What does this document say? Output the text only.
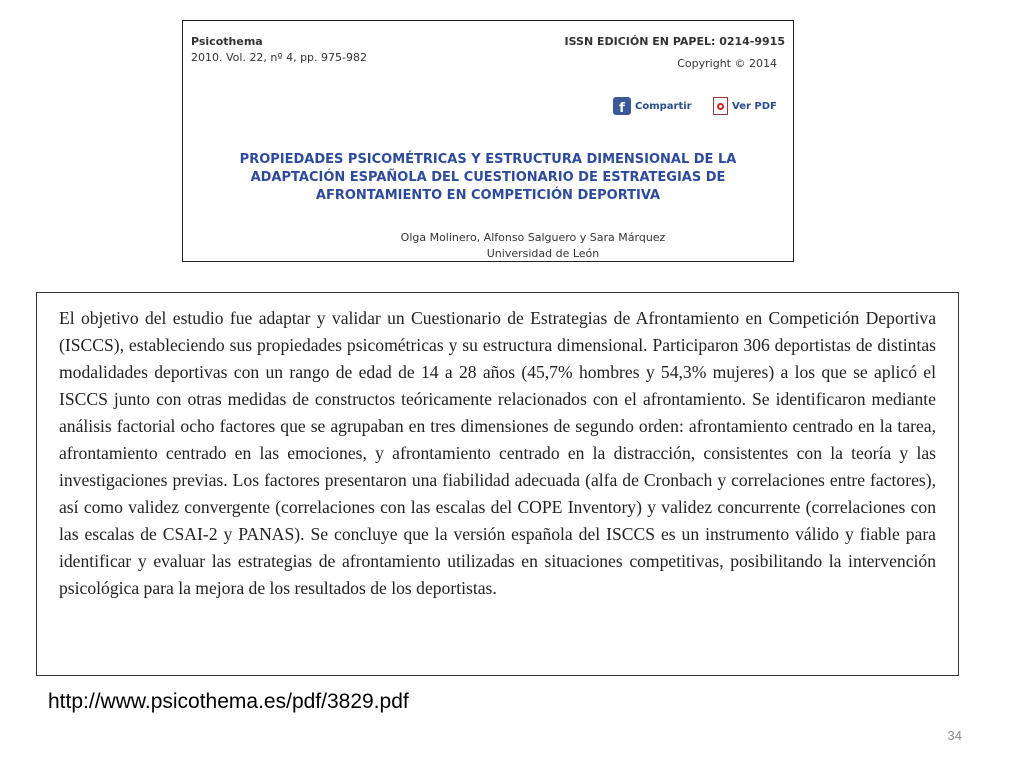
Psicothema
2010. Vol. 22, nº 4, pp. 975-982
ISSN EDICIÓN EN PAPEL: 0214-9915
Copyright © 2014
f	Compartir	Ver PDF
PROPIEDADES PSICOMÉTRICAS Y ESTRUCTURA DIMENSIONAL DE LA ADAPTACIÓN ESPAÑOLA DEL CUESTIONARIO DE ESTRATEGIAS DE AFRONTAMIENTO EN COMPETICIÓN DEPORTIVA
Olga Molinero, Alfonso Salguero y Sara Márquez
Universidad de León

El objetivo del estudio fue adaptar y validar un Cuestionario de Estrategias de Afrontamiento en Competición Deportiva (ISCCS), estableciendo sus propiedades psicométricas y su estructura dimensional. Participaron 306 deportistas de distintas modalidades deportivas con un rango de edad de 14 a 28 años (45,7% hombres y 54,3% mujeres) a los que se aplicó el ISCCS junto con otras medidas de constructos teóricamente relacionados con el afrontamiento. Se identificaron mediante análisis factorial ocho factores que se agrupaban en tres dimensiones de segundo orden: afrontamiento centrado en la tarea, afrontamiento centrado en las emociones, y afrontamiento centrado en la distracción, consistentes con la teoría y las investigaciones previas. Los factores presentaron una fiabilidad adecuada (alfa de Cronbach y correlaciones entre factores), así como validez convergente (correlaciones con las escalas del COPE Inventory) y validez concurrente (correlaciones con las escalas de CSAI-2 y PANAS). Se concluye que la versión española del ISCCS es un instrumento válido y fiable para identificar y evaluar las estrategias de afrontamiento utilizadas en situaciones competitivas, posibilitando la intervención psicológica para la mejora de los resultados de los deportistas.

http://www.psicothema.es/pdf/3829.pdf
34
